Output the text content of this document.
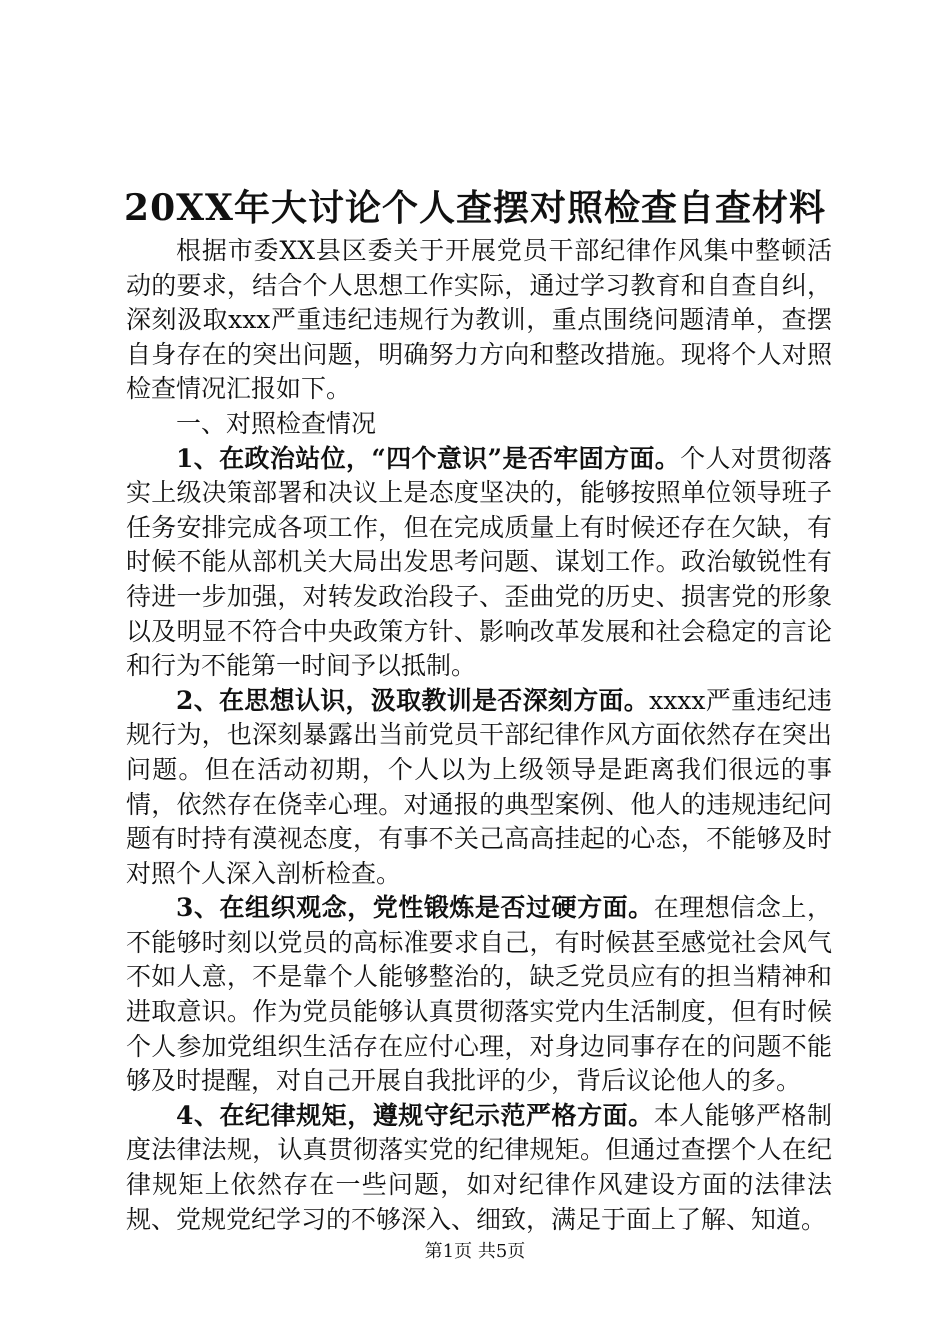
20XX年大讨论个人查摆对照检查自查材料

根据市委XX县区委关于开展党员干部纪律作风集中整顿活动的要求，结合个人思想工作实际，通过学习教育和自查自纠，深刻汲取xxx严重违纪违规行为教训，重点围绕问题清单，查摆自身存在的突出问题，明确努力方向和整改措施。现将个人对照检查情况汇报如下。

一、对照检查情况

1、在政治站位，“四个意识”是否牢固方面。个人对贯彻落实上级决策部署和决议上是态度坚决的，能够按照单位领导班子任务安排完成各项工作，但在完成质量上有时候还存在欠缺，有时候不能从部机关大局出发思考问题、谋划工作。政治敏锐性有待进一步加强，对转发政治段子、歪曲党的历史、损害党的形象以及明显不符合中央政策方针、影响改革发展和社会稳定的言论和行为不能第一时间予以抵制。

2、在思想认识，汲取教训是否深刻方面。xxxx严重违纪违规行为，也深刻暴露出当前党员干部纪律作风方面依然存在突出问题。但在活动初期，个人以为上级领导是距离我们很远的事情，依然存在侥幸心理。对通报的典型案例、他人的违规违纪问题有时持有漠视态度，有事不关己高高挂起的心态，不能够及时对照个人深入剖析检查。

3、在组织观念，党性锻炼是否过硬方面。在理想信念上，不能够时刻以党员的高标准要求自己，有时候甚至感觉社会风气不如人意，不是靠个人能够整治的，缺乏党员应有的担当精神和进取意识。作为党员能够认真贯彻落实党内生活制度，但有时候个人参加党组织生活存在应付心理，对身边同事存在的问题不能够及时提醒，对自己开展自我批评的少，背后议论他人的多。

4、在纪律规矩，遵规守纪示范严格方面。本人能够严格制度法律法规，认真贯彻落实党的纪律规矩。但通过查摆个人在纪律规矩上依然存在一些问题，如对纪律作风建设方面的法律法规、党规党纪学习的不够深入、细致，满足于面上了解、知道。

第1页 共5页
